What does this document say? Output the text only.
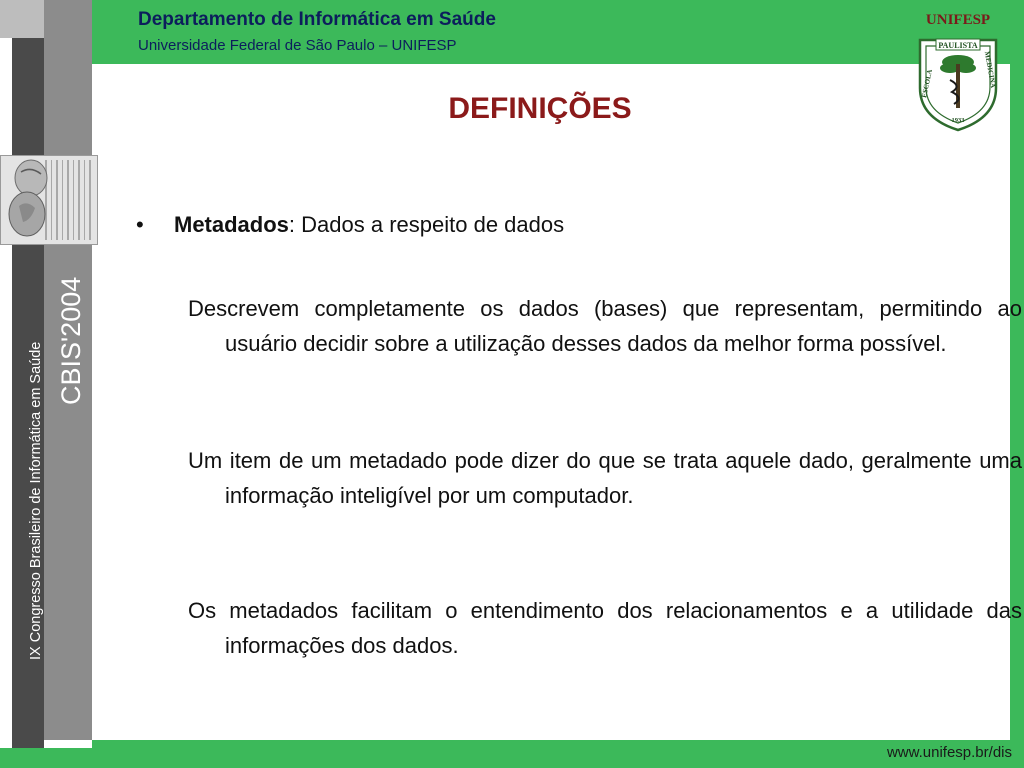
Departamento de Informática em Saúde
Universidade Federal de São Paulo – UNIFESP
www.unifesp.br/dis
IX Congresso Brasileiro de Informática em Saúde
CBIS'2004
UNIFESP
PAULISTA
MEDICINA
ESCOLA
1933
DEFINIÇÕES
• Metadados: Dados a respeito de dados

Descrevem completamente os dados (bases) que representam, permitindo ao usuário decidir sobre a utilização desses dados da melhor forma possível.

Um item de um metadado pode dizer do que se trata aquele dado, geralmente uma informação inteligível por um computador.

Os metadados facilitam o entendimento dos relacionamentos e a utilidade das informações dos dados.
